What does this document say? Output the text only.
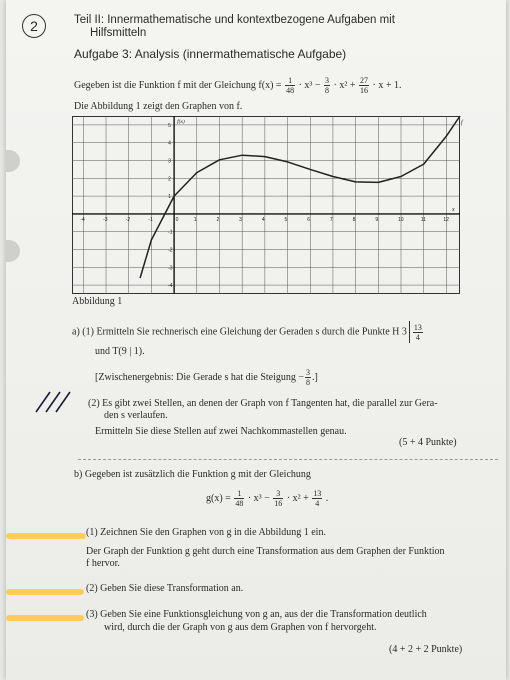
2	Teil II: Innermathematische und kontextbezogene Aufgaben mit
Hilfsmitteln
Aufgabe 3: Analysis (innermathematische Aufgabe)
Gegeben ist die Funktion f mit der Gleichung $f(x) = \frac{1}{48} \cdot x^3 - \frac{3}{8} \cdot x^2 + \frac{27}{16} \cdot x + 1$.
Die Abbildung 1 zeigt den Graphen von f.
-4	-3	-2	-1	1	2	3	4	5	6	7	8	9	10	11	12
5
4
3
2
1
-1
-2
-3
-4
0
x
f(x)	f
Abbildung 1
a) (1) Ermitteln Sie rechnerisch eine Gleichung der Geraden s durch die Punkte H $3 \frac{13}{4}$
und T(9 | 1).
[Zwischenergebnis: Die Gerade s hat die Steigung − $\frac{3}{8}$ .]
(2) Es gibt zwei Stellen, an denen der Graph von f Tangenten hat, die parallel zur Gera-
den s verlaufen.
Ermitteln Sie diese Stellen auf zwei Nachkommastellen genau.
(5 + 4 Punkte)
b) Gegeben ist zusätzlich die Funktion g mit der Gleichung
$g(x) = \frac{1}{48} \cdot x^3 - \frac{3}{16} \cdot x^2 + \frac{13}{4}$ .
(1) Zeichnen Sie den Graphen von g in die Abbildung 1 ein.
Der Graph der Funktion g geht durch eine Transformation aus dem Graphen der Funktion
f hervor.
(2) Geben Sie diese Transformation an.
(3) Geben Sie eine Funktionsgleichung von g an, aus der die Transformation deutlich
wird, durch die der Graph von g aus dem Graphen von f hervorgeht.
(4 + 2 + 2 Punkte)
